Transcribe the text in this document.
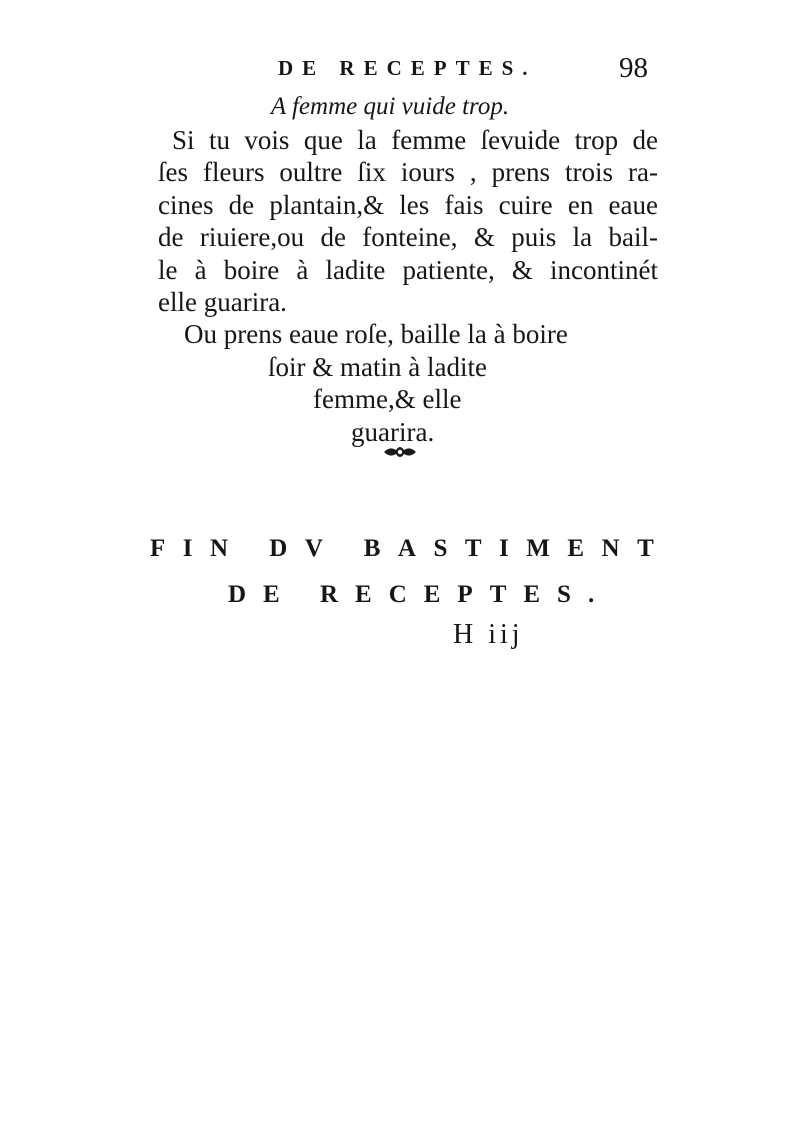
DE RECEPTES.	98
A femme qui vuide trop.
Si tu vois que la femme ſevuide trop de
ſes fleurs oultre ſix iours , prens trois ra-
cines de plantain,& les fais cuire en eaue
de riuiere,ou de fonteine, & puis la bail-
le à boire à ladite patiente, & incontinét
elle guarira.
Ou prens eaue roſe, baille la à boire
ſoir & matin à ladite
femme,& elle
guarira.
FIN DV BASTIMENT
DE RECEPTES.
H iij
